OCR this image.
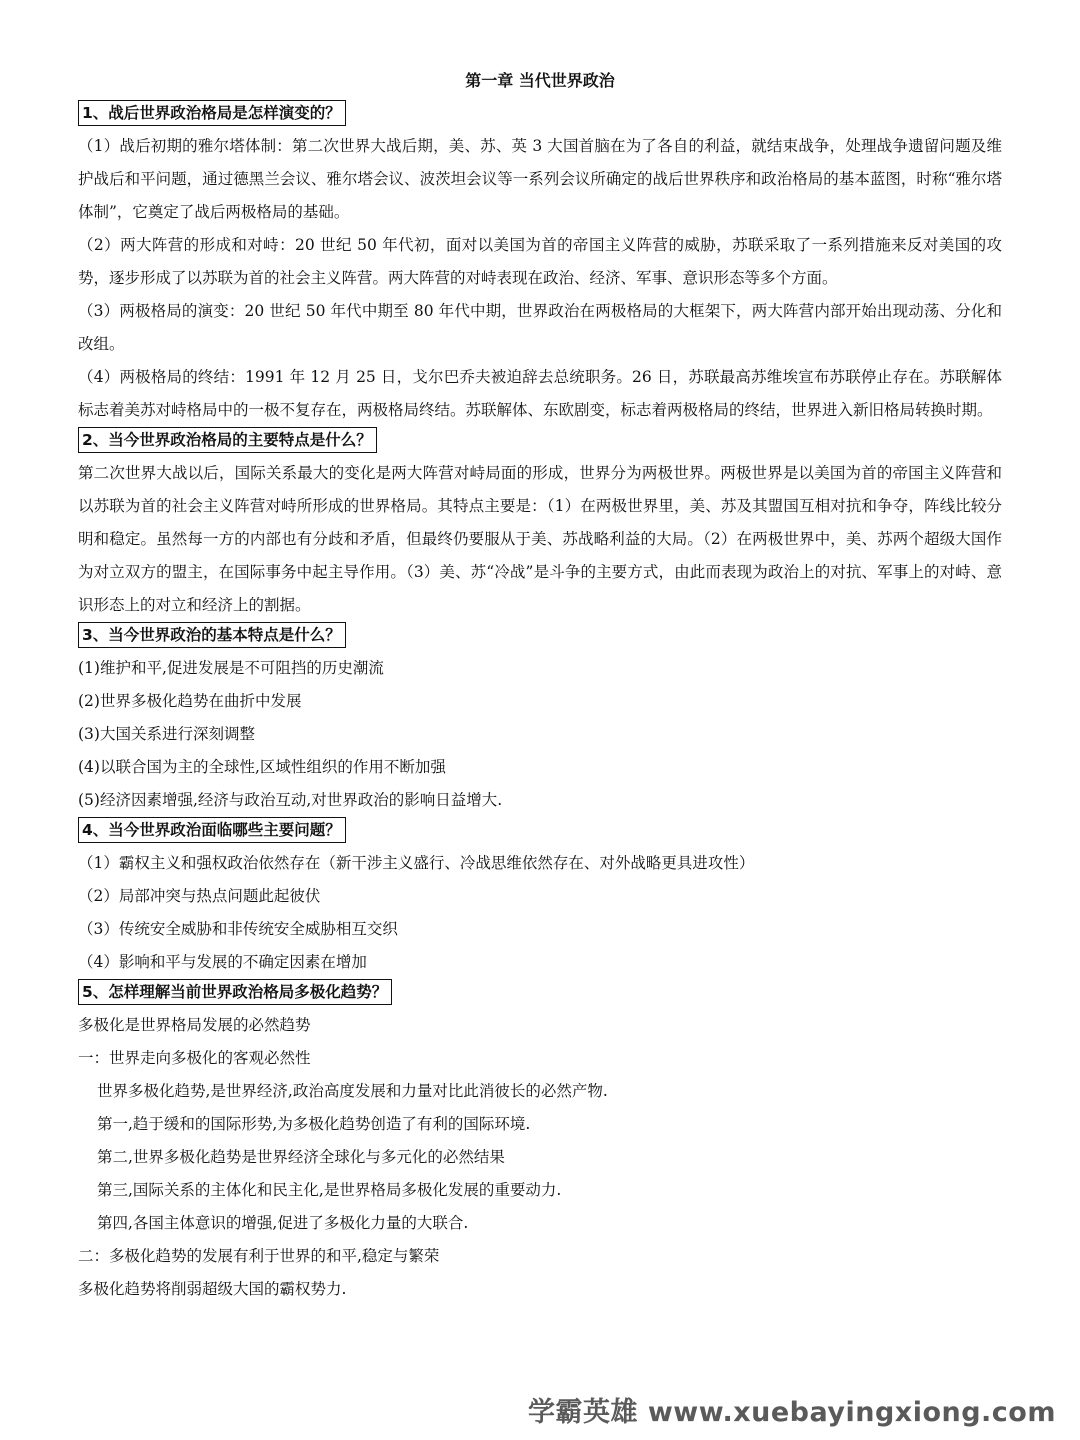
第一章 当代世界政治
1、战后世界政治格局是怎样演变的？

（1）战后初期的雅尔塔体制：第二次世界大战后期，美、苏、英 3 大国首脑在为了各自的利益，就结束战争，处理战争遗留问题及维护战后和平问题，通过德黑兰会议、雅尔塔会议、波茨坦会议等一系列会议所确定的战后世界秩序和政治格局的基本蓝图，时称“雅尔塔体制”，它奠定了战后两极格局的基础。

（2）两大阵营的形成和对峙：20 世纪 50 年代初，面对以美国为首的帝国主义阵营的威胁，苏联采取了一系列措施来反对美国的攻势，逐步形成了以苏联为首的社会主义阵营。两大阵营的对峙表现在政治、经济、军事、意识形态等多个方面。

（3）两极格局的演变：20 世纪 50 年代中期至 80 年代中期，世界政治在两极格局的大框架下，两大阵营内部开始出现动荡、分化和改组。

（4）两极格局的终结：1991 年 12 月 25 日，戈尔巴乔夫被迫辞去总统职务。26 日，苏联最高苏维埃宣布苏联停止存在。苏联解体标志着美苏对峙格局中的一极不复存在，两极格局终结。苏联解体、东欧剧变，标志着两极格局的终结，世界进入新旧格局转换时期。

2、当今世界政治格局的主要特点是什么？

第二次世界大战以后，国际关系最大的变化是两大阵营对峙局面的形成，世界分为两极世界。两极世界是以美国为首的帝国主义阵营和以苏联为首的社会主义阵营对峙所形成的世界格局。其特点主要是：（1）在两极世界里，美、苏及其盟国互相对抗和争夺，阵线比较分明和稳定。虽然每一方的内部也有分歧和矛盾，但最终仍要服从于美、苏战略利益的大局。（2）在两极世界中，美、苏两个超级大国作为对立双方的盟主，在国际事务中起主导作用。（3）美、苏“冷战”是斗争的主要方式，由此而表现为政治上的对抗、军事上的对峙、意识形态上的对立和经济上的割据。

3、当今世界政治的基本特点是什么？

(1)维护和平,促进发展是不可阻挡的历史潮流

(2)世界多极化趋势在曲折中发展

(3)大国关系进行深刻调整

(4)以联合国为主的全球性,区域性组织的作用不断加强

(5)经济因素增强,经济与政治互动,对世界政治的影响日益增大.

4、当今世界政治面临哪些主要问题？

（1）霸权主义和强权政治依然存在（新干涉主义盛行、冷战思维依然存在、对外战略更具进攻性）

（2）局部冲突与热点问题此起彼伏

（3）传统安全威胁和非传统安全威胁相互交织

（4）影响和平与发展的不确定因素在增加

5、怎样理解当前世界政治格局多极化趋势？

多极化是世界格局发展的必然趋势

一：世界走向多极化的客观必然性

世界多极化趋势,是世界经济,政治高度发展和力量对比此消彼长的必然产物.

第一,趋于缓和的国际形势,为多极化趋势创造了有利的国际环境.

第二,世界多极化趋势是世界经济全球化与多元化的必然结果

第三,国际关系的主体化和民主化,是世界格局多极化发展的重要动力.

第四,各国主体意识的增强,促进了多极化力量的大联合.

二：多极化趋势的发展有利于世界的和平,稳定与繁荣

多极化趋势将削弱超级大国的霸权势力.

学霸英雄 www.xuebayingxiong.com
